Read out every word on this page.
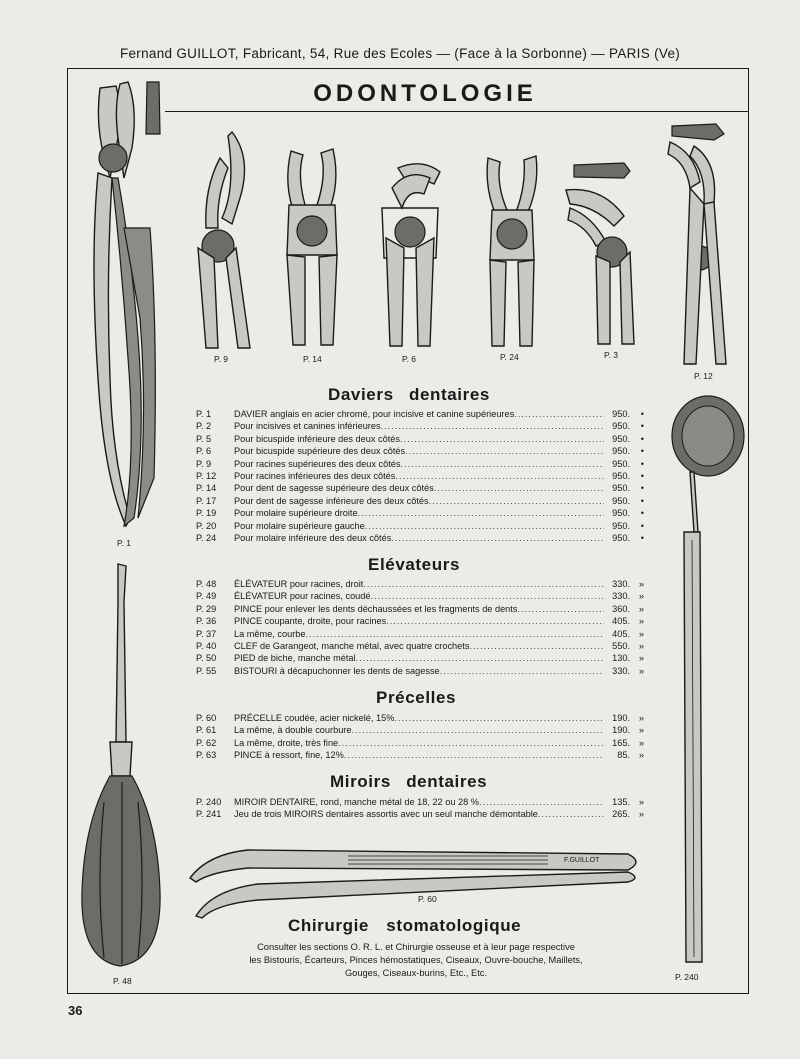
Fernand GUILLOT, Fabricant, 54, Rue des Ecoles — (Face à la Sorbonne) — PARIS (Ve)
ODONTOLOGIE
P. 1
P. 9	P. 14	P. 6	P. 24	P. 3
P. 12
P. 48	P. 240
F.GUILLOT
P. 60
Daviers dentaires
P. 1	DAVIER anglais en acier chromé, pour incisive et canine supérieures .....	950.	•
P. 2	Pour incisives et canines inférieures .....	950.	•
P. 5	Pour bicuspide inférieure des deux côtés .....	950.	•
P. 6	Pour bicuspide supérieure des deux côtés .....	950.	•
P. 9	Pour racines supérieures des deux côtés .....	950.	•
P. 12	Pour racines inférieures des deux côtés .....	950.	•
P. 14	Pour dent de sagesse supérieure des deux côtés .....	950.	•
P. 17	Pour dent de sagesse inférieure des deux côtés .....	950.	•
P. 19	Pour molaire supérieure droite .....	950.	•
P. 20	Pour molaire supérieure gauche .....	950.	•
P. 24	Pour molaire inférieure des deux côtés .....	950.	•
Elévateurs
P. 48	ÉLÉVATEUR pour racines, droit .....	330. »
P. 49	ÉLÉVATEUR pour racines, coudé .....	330. »
P. 29	PINCE pour enlever les dents déchaussées et les fragments de dents .....	360. »
P. 36	PINCE coupante, droite, pour racines .....	405. »
P. 37	La même, courbe .....	405. »
P. 40	CLEF de Garangeot, manche métal, avec quatre crochets .....	550. »
P. 50	PIED de biche, manche métal .....	130. »
P. 55	BISTOURI à décapuchonner les dents de sagesse .....	330. »
Précelles
P. 60	PRÉCELLE coudée, acier nickelé, 15% .....	190. »
P. 61	La même, à double courbure .....	190. »
P. 62	La même, droite, très fine .....	165. »
P. 63	PINCE à ressort, fine, 12% .....	85. »
Miroirs dentaires
P. 240	MIROIR DENTAIRE, rond, manche métal de 18, 22 ou 28 % .....	135. »
P. 241	Jeu de trois MIROIRS dentaires assortis avec un seul manche démontable .....	265. »
Chirurgie stomatologique
Consulter les sections O. R. L. et Chirurgie osseuse et à leur page respective
les Bistouris, Écarteurs, Pinces hémostatiques, Ciseaux, Ouvre-bouche, Maillets,
Gouges, Ciseaux-burins, Etc., Etc.
36
